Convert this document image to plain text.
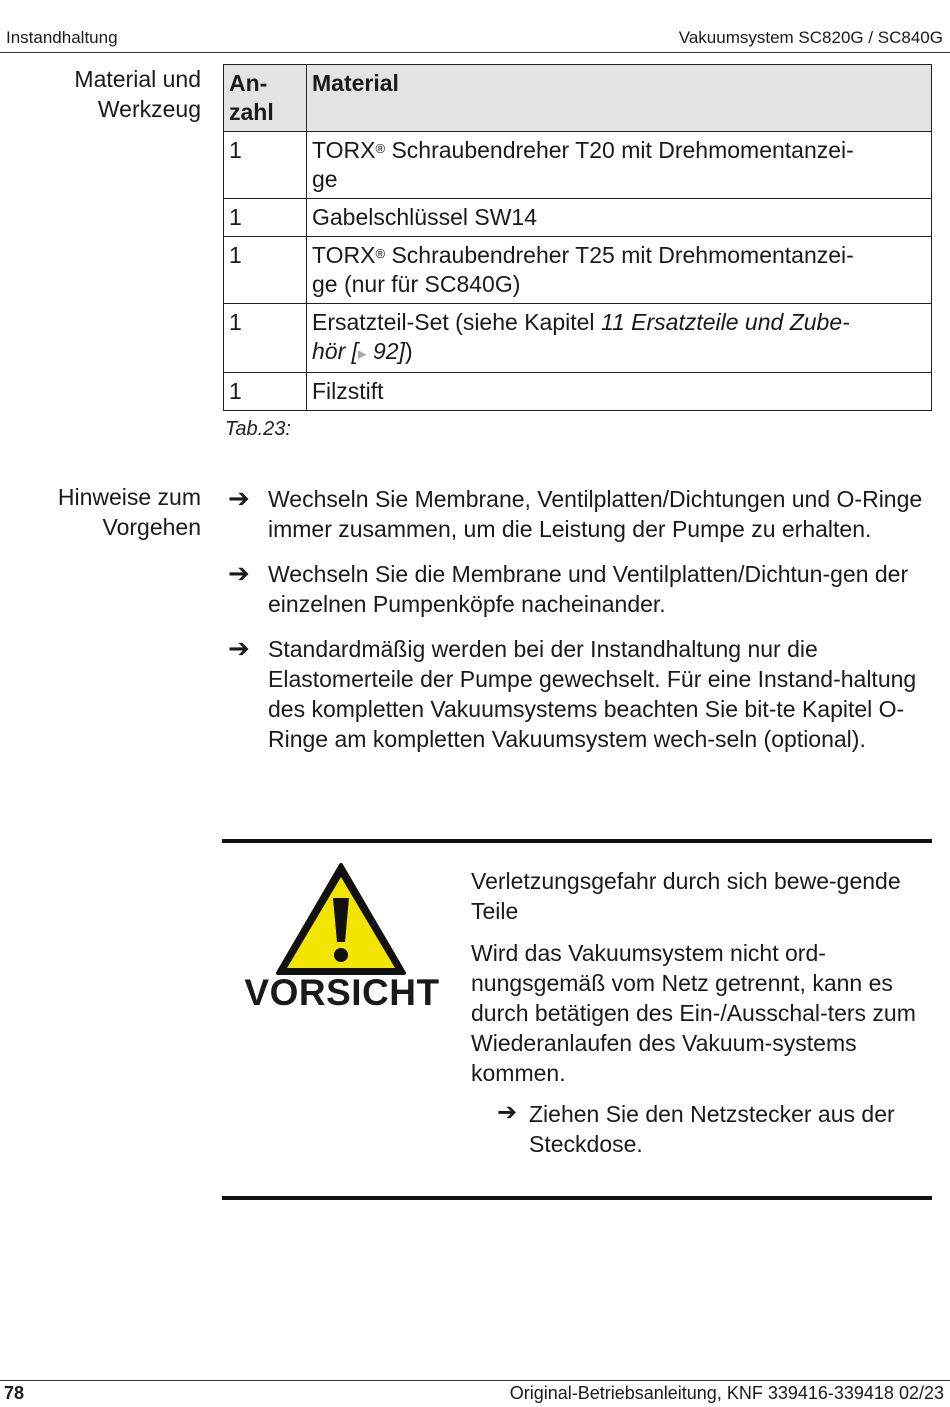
Instandhaltung	Vakuumsystem SC820G / SC840G
Material und
Werkzeug
An-
zahl	Material
1	TORX® Schraubendreher T20 mit Drehmomentanzei-
ge
1	Gabelschlüssel SW14
1	TORX® Schraubendreher T25 mit Drehmomentanzei-
ge (nur für SC840G)
1	Ersatzteil-Set (siehe Kapitel 11 Ersatzteile und Zube-
hör [▸ 92])
1	Filzstift
Tab.23:
Hinweise zum
Vorgehen
➔ Wechseln Sie Membrane, Ventilplatten/Dichtungen und O-Ringe immer zusammen, um die Leistung der Pumpe zu erhalten.
➔ Wechseln Sie die Membrane und Ventilplatten/Dichtun-gen der einzelnen Pumpenköpfe nacheinander.
➔ Standardmäßig werden bei der Instandhaltung nur die Elastomerteile der Pumpe gewechselt. Für eine Instand-haltung des kompletten Vakuumsystems beachten Sie bit-te Kapitel O-Ringe am kompletten Vakuumsystem wech-seln (optional).
VORSICHT

Verletzungsgefahr durch sich bewe-gende Teile

Wird das Vakuumsystem nicht ord-nungsgemäß vom Netz getrennt, kann es durch betätigen des Ein-/Ausschal-ters zum Wiederanlaufen des Vakuum-systems kommen.

➔ Ziehen Sie den Netzstecker aus der Steckdose.
78	Original-Betriebsanleitung, KNF 339416-339418 02/23
